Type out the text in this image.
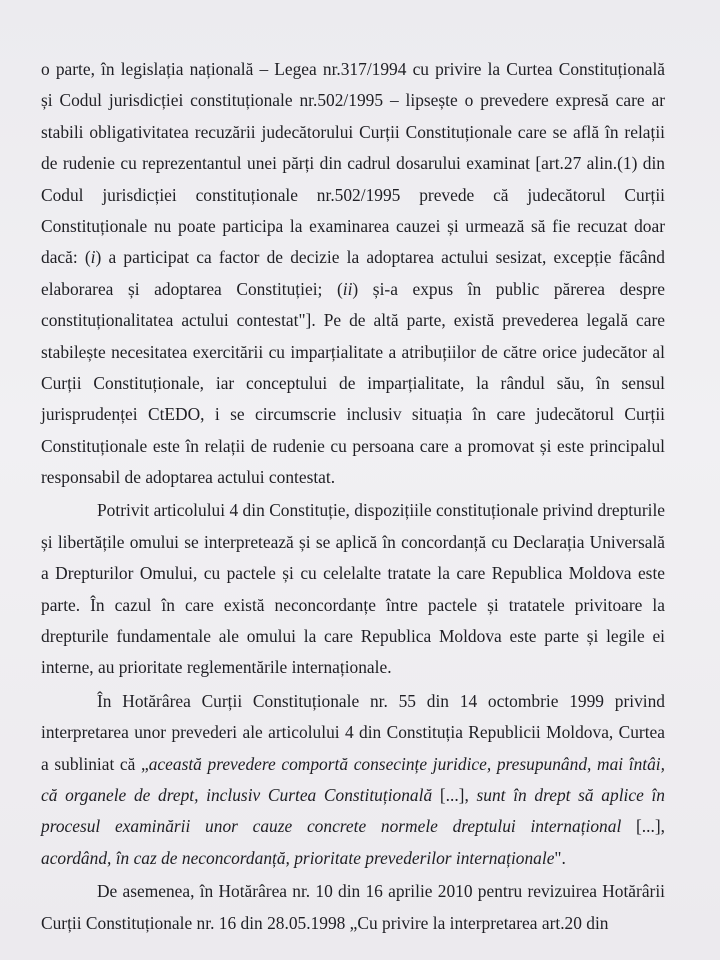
o parte, în legislația națională – Legea nr.317/1994 cu privire la Curtea Constituțională
și Codul jurisdicției constituționale nr.502/1995 – lipsește o prevedere expresă care ar
stabili obligativitatea recuzării judecătorului Curții Constituționale care se află în relații
de rudenie cu reprezentantul unei părți din cadrul dosarului examinat [art.27 alin.(1) din
Codul jurisdicției constituționale nr.502/1995 prevede că judecătorul Curții
Constituționale nu poate participa la examinarea cauzei și urmează să fie recuzat doar
dacă: (i) a participat ca factor de decizie la adoptarea actului sesizat, excepție făcând
elaborarea și adoptarea Constituției; (ii) și-a expus în public părerea despre
constituționalitatea actului contestat"]. Pe de altă parte, există prevederea legală care
stabilește necesitatea exercitării cu imparțialitate a atribuțiilor de către orice judecător al
Curții Constituționale, iar conceptului de imparțialitate, la rândul său, în sensul
jurisprudenței CtEDO, i se circumscrie inclusiv situația în care judecătorul Curții
Constituționale este în relații de rudenie cu persoana care a promovat și este principalul
responsabil de adoptarea actului contestat.
Potrivit articolului 4 din Constituție, dispozițiile constituționale privind drepturile
și libertățile omului se interpretează și se aplică în concordanță cu Declarația Universală
a Drepturilor Omului, cu pactele și cu celelalte tratate la care Republica Moldova este
parte. În cazul în care există neconcordanțe între pactele și tratatele privitoare la
drepturile fundamentale ale omului la care Republica Moldova este parte și legile ei
interne, au prioritate reglementările internaționale.
În Hotărârea Curții Constituționale nr. 55 din 14 octombrie 1999 privind
interpretarea unor prevederi ale articolului 4 din Constituția Republicii Moldova, Curtea
a subliniat că „această prevedere comportă consecințe juridice, presupunând, mai întâi,
că organele de drept, inclusiv Curtea Constituțională [...], sunt în drept să aplice în
procesul examinării unor cauze concrete normele dreptului internațional [...],
acordând, în caz de neconcordanță, prioritate prevederilor internaționale".
De asemenea, în Hotărârea nr. 10 din 16 aprilie 2010 pentru revizuirea Hotărârii
Curții Constituționale nr. 16 din 28.05.1998 „Cu privire la interpretarea art.20 din
